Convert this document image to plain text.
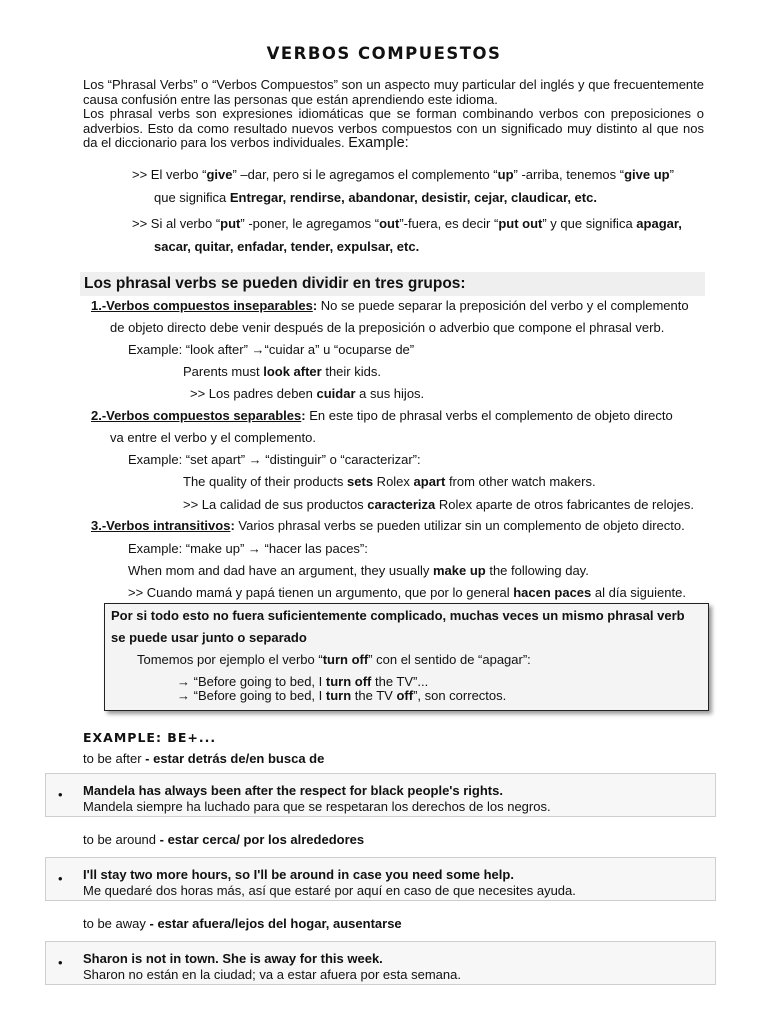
VERBOS COMPUESTOS
Los “Phrasal Verbs” o “Verbos Compuestos” son un aspecto muy particular del inglés y que frecuentemente causa confusión entre las personas que están aprendiendo este idioma.
Los phrasal verbs son expresiones idiomáticas que se forman combinando verbos con preposiciones o adverbios. Esto da como resultado nuevos verbos compuestos con un significado muy distinto al que nos da el diccionario para los verbos individuales. Example:
>> El verbo “give” –dar, pero si le agregamos el complemento “up” -arriba, tenemos “give up”
que significa Entregar, rendirse, abandonar, desistir, cejar, claudicar, etc.
>> Si al verbo “put” -poner, le agregamos “out”-fuera, es decir “put out” y que significa apagar,
sacar, quitar, enfadar, tender, expulsar, etc.
Los phrasal verbs se pueden dividir en tres grupos:
1.-Verbos compuestos inseparables: No se puede separar la preposición del verbo y el complemento
de objeto directo debe venir después de la preposición o adverbio que compone el phrasal verb.
Example: “look after” →“cuidar a” u “ocuparse de”
Parents must look after their kids.
>> Los padres deben cuidar a sus hijos.
2.-Verbos compuestos separables: En este tipo de phrasal verbs el complemento de objeto directo
va entre el verbo y el complemento.
Example: “set apart” → “distinguir” o “caracterizar”:
The quality of their products sets Rolex apart from other watch makers.
>> La calidad de sus productos caracteriza Rolex aparte de otros fabricantes de relojes.
3.-Verbos intransitivos: Varios phrasal verbs se pueden utilizar sin un complemento de objeto directo.
Example: “make up” → “hacer las paces”:
When mom and dad have an argument, they usually make up the following day.
>> Cuando mamá y papá tienen un argumento, que por lo general hacen paces al día siguiente.
Por si todo esto no fuera suficientemente complicado, muchas veces un mismo phrasal verb
se puede usar junto o separado
Tomemos por ejemplo el verbo “turn off” con el sentido de “apagar”:
→ “Before going to bed, I turn off the TV”...
→ “Before going to bed, I turn the TV off”, son correctos.
EXAMPLE: BE+...
to be after - estar detrás de/en busca de
• Mandela has always been after the respect for black people's rights.
Mandela siempre ha luchado para que se respetaran los derechos de los negros.
to be around - estar cerca/ por los alrededores
• I'll stay two more hours, so I'll be around in case you need some help.
Me quedaré dos horas más, así que estaré por aquí en caso de que necesites ayuda.
to be away - estar afuera/lejos del hogar, ausentarse
• Sharon is not in town. She is away for this week.
Sharon no están en la ciudad; va a estar afuera por esta semana.
